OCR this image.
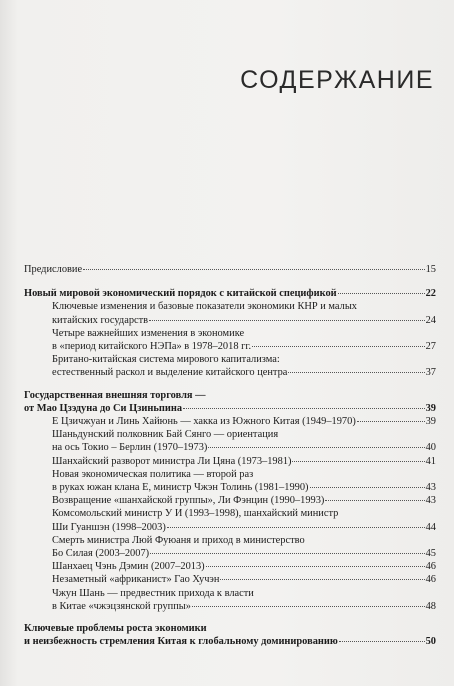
СОДЕРЖАНИЕ
Предисловие	15
Новый мировой экономический порядок с китайской спецификой	22
Ключевые изменения и базовые показатели экономики КНР и малых
китайских государств	24
Четыре важнейших изменения в экономике
в «период китайского НЭПа» в 1978–2018 гг.	27
Британо-китайская система мирового капитализма:
естественный раскол и выделение китайского центра	37
Государственная внешняя торговля —
от Мао Цзэдуна до Си Цзиньпина	39
Е Цзичжуан и Линь Хайюнь — хакка из Южного Китая (1949–1970)	39
Шаньдунский полковник Бай Сянго — ориентация
на ось Токио – Берлин (1970–1973)	40
Шанхайский разворот министра Ли Цяна (1973–1981)	41
Новая экономическая политика — второй раз
в руках южан клана Е, министр Чжэн Толинь (1981–1990)	43
Возвращение «шанхайской группы», Ли Фэнцин (1990–1993)	43
Комсомольский министр У И (1993–1998), шанхайский министр
Ши Гуаншэн (1998–2003)	44
Смерть министра Люй Фуюаня и приход в министерство
Бо Силая (2003–2007)	45
Шанхаец Чэнь Дэмин (2007–2013)	46
Незаметный «африканист» Гао Хучэн	46
Чжун Шань — предвестник прихода к власти
в Китае «чжэцзянской группы»	48
Ключевые проблемы роста экономики
и неизбежность стремления Китая к глобальному доминированию	50
